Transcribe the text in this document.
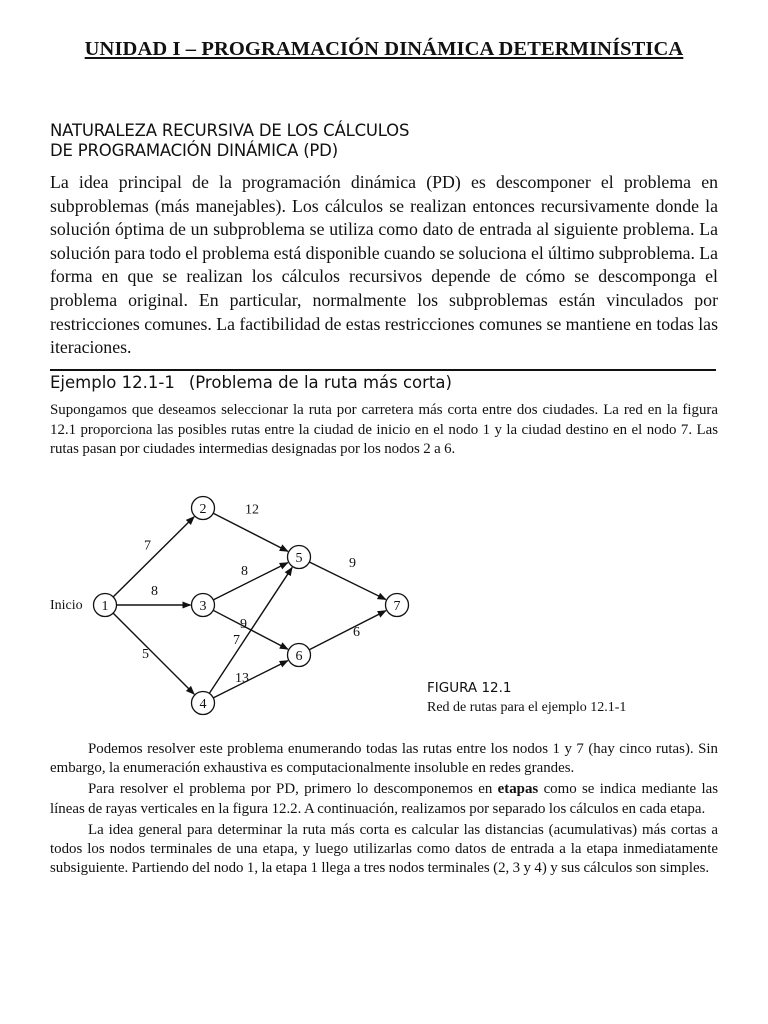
UNIDAD I – PROGRAMACIÓN DINÁMICA DETERMINÍSTICA
NATURALEZA RECURSIVA DE LOS CÁLCULOS
DE PROGRAMACIÓN DINÁMICA (PD)

La idea principal de la programación dinámica (PD) es descomponer el problema en subproblemas (más manejables). Los cálculos se realizan entonces recursivamente donde la solución óptima de un subproblema se utiliza como dato de entrada al siguiente problema. La solución para todo el problema está disponible cuando se soluciona el último subproblema. La forma en que se realizan los cálculos recursivos depende de cómo se descomponga el problema original. En particular, normalmente los subproblemas están vinculados por restricciones comunes. La factibilidad de estas restricciones comunes se mantiene en todas las iteraciones.

Ejemplo 12.1-1 (Problema de la ruta más corta)

Supongamos que deseamos seleccionar la ruta por carretera más corta entre dos ciudades. La red en la figura 12.1 proporciona las posibles rutas entre la ciudad de inicio en el nodo 1 y la ciudad destino en el nodo 7. Las rutas pasan por ciudades intermedias designadas por los nodos 2 a 6.

7
8
5
12
8
9
7
13
9
6
1
2
3
4
5
6
7
Inicio
FIGURA 12.1
Red de rutas para el ejemplo 12.1-1

Podemos resolver este problema enumerando todas las rutas entre los nodos 1 y 7 (hay cinco rutas). Sin embargo, la enumeración exhaustiva es computacionalmente insoluble en redes grandes.

Para resolver el problema por PD, primero lo descomponemos en etapas como se indica mediante las líneas de rayas verticales en la figura 12.2. A continuación, realizamos por separado los cálculos en cada etapa.

La idea general para determinar la ruta más corta es calcular las distancias (acumulativas) más cortas a todos los nodos terminales de una etapa, y luego utilizarlas como datos de entrada a la etapa inmediatamente subsiguiente. Partiendo del nodo 1, la etapa 1 llega a tres nodos terminales (2, 3 y 4) y sus cálculos son simples.
